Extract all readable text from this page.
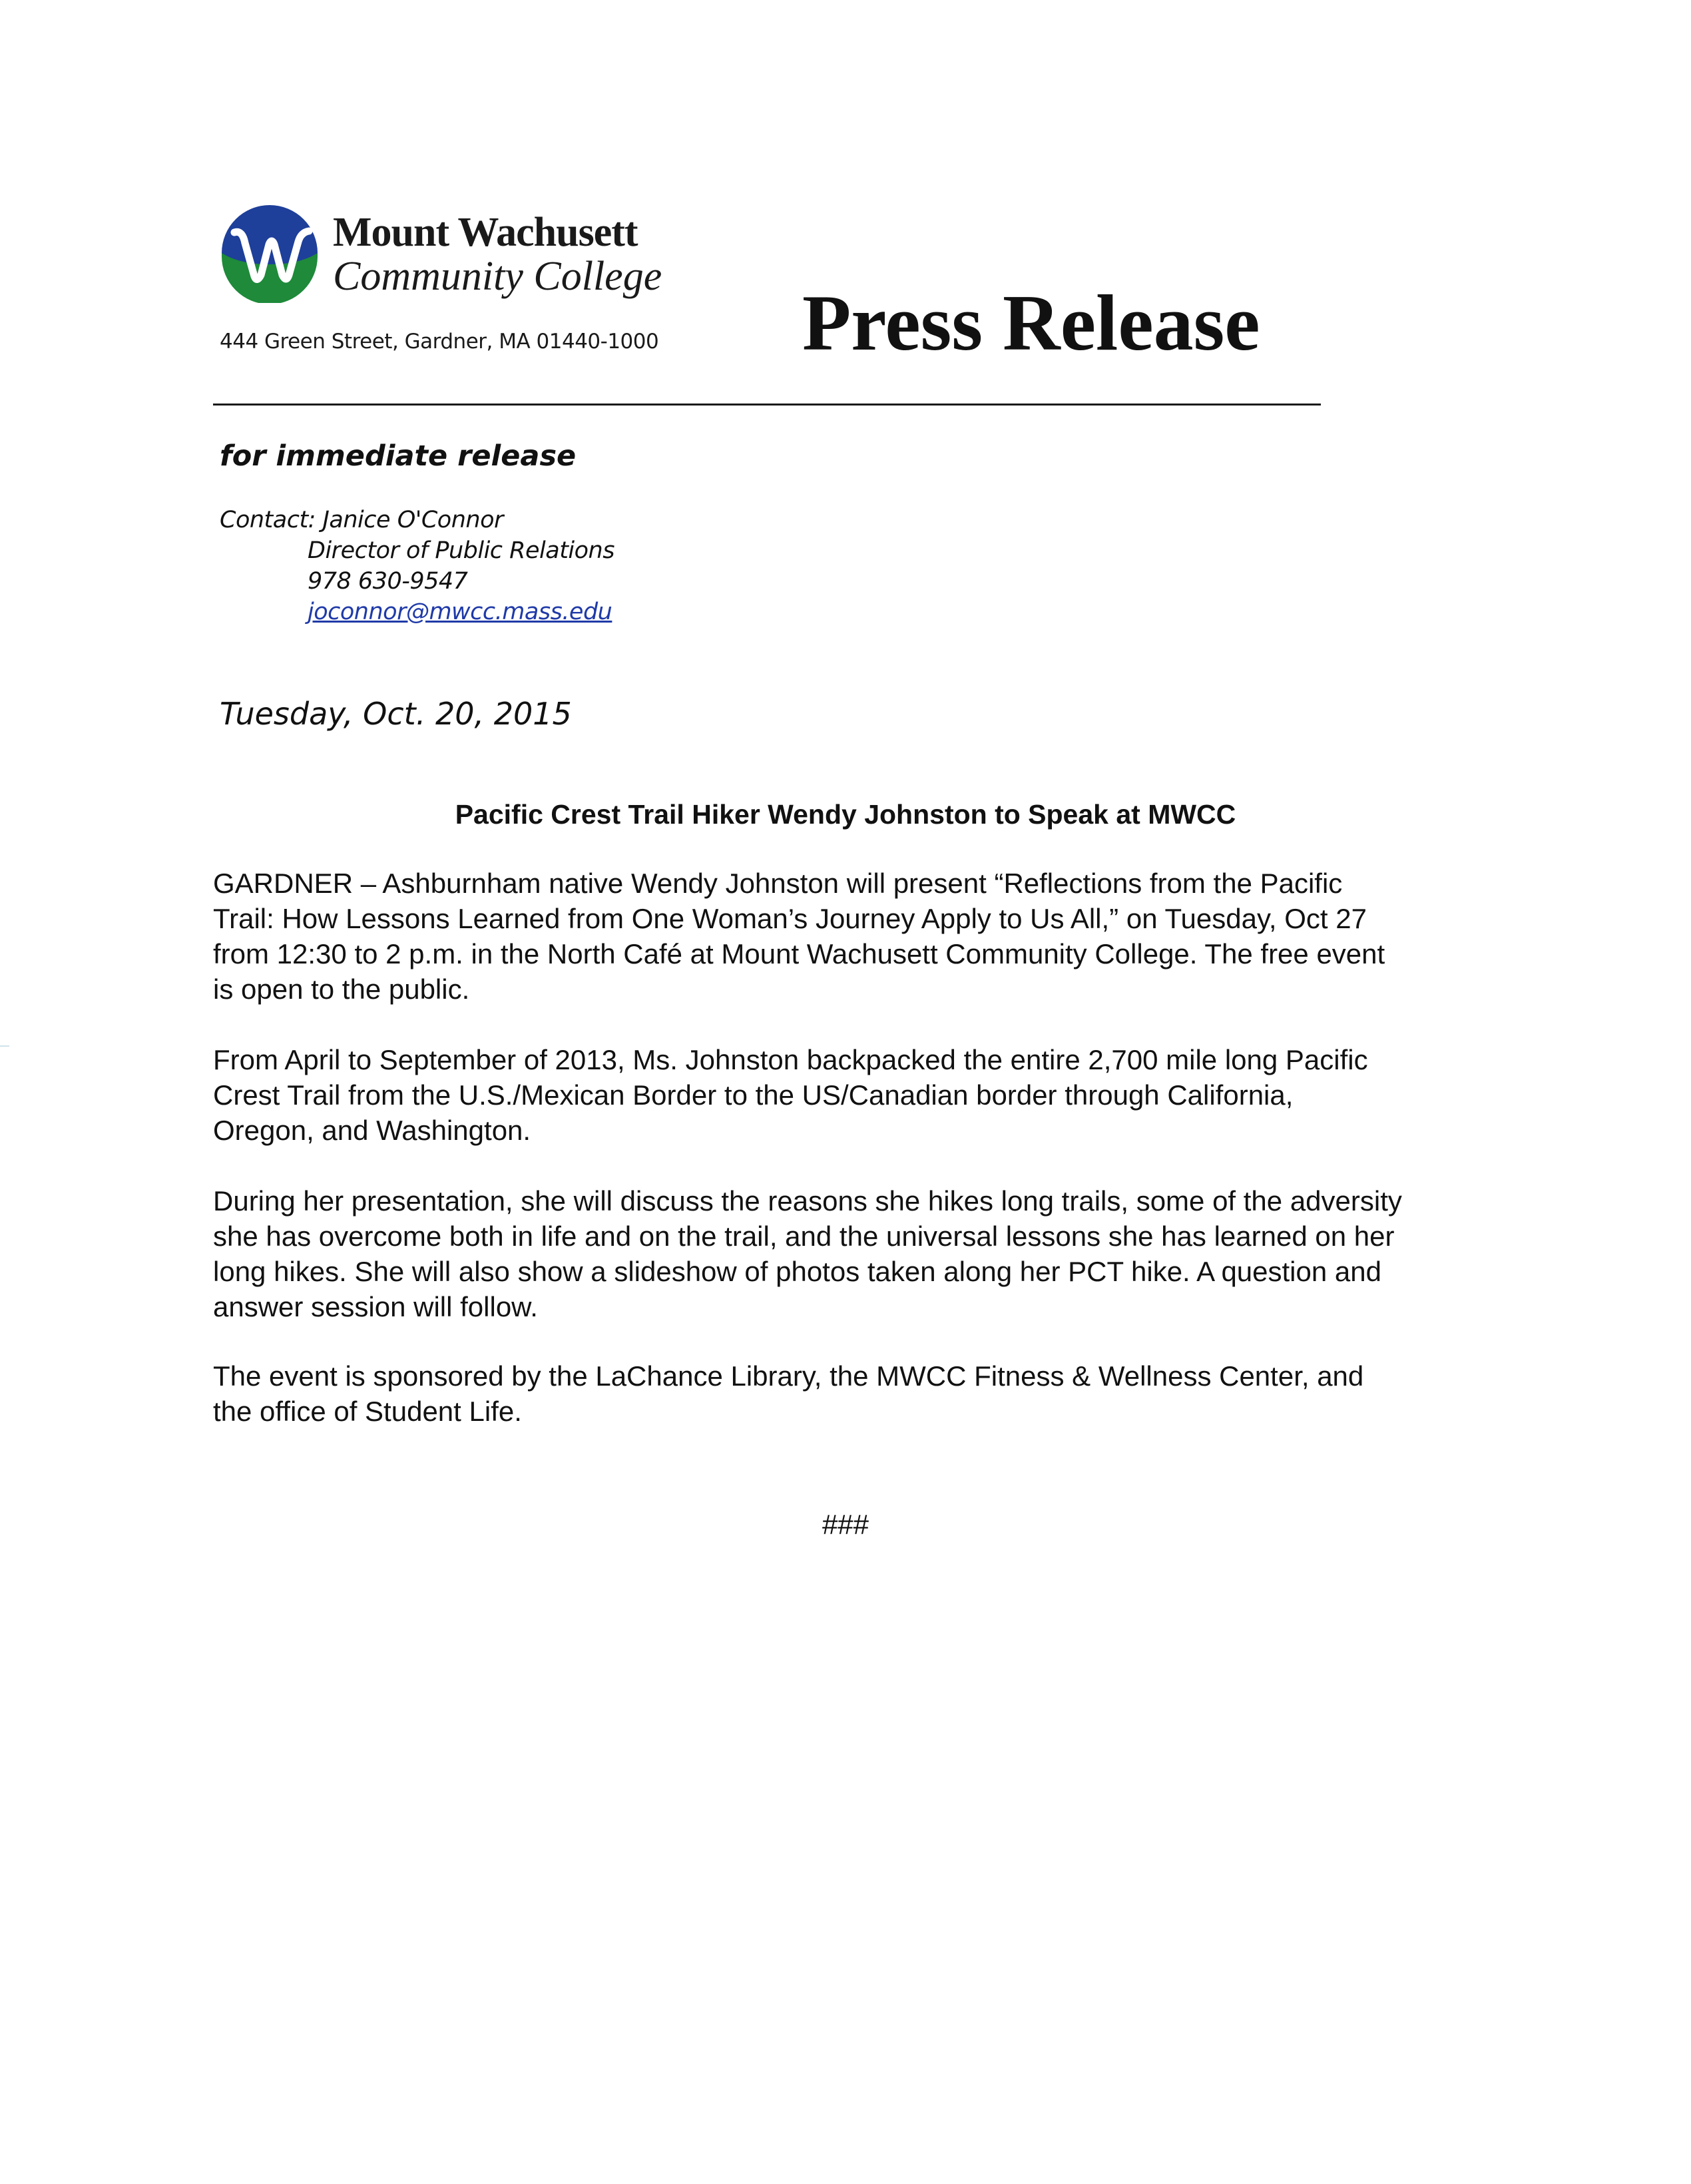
Mount Wachusett
Community College
444 Green Street, Gardner, MA 01440-1000 Press Release
for immediate release
Contact: Janice O'Connor
Director of Public Relations
978 630-9547
joconnor@mwcc.mass.edu
Tuesday, Oct. 20, 2015
Pacific Crest Trail Hiker Wendy Johnston to Speak at MWCC
GARDNER – Ashburnham native Wendy Johnston will present “Reflections from the Pacific
Trail: How Lessons Learned from One Woman’s Journey Apply to Us All,” on Tuesday, Oct 27
from 12:30 to 2 p.m. in the North Café at Mount Wachusett Community College. The free event
is open to the public.
From April to September of 2013, Ms. Johnston backpacked the entire 2,700 mile long Pacific
Crest Trail from the U.S./Mexican Border to the US/Canadian border through California,
Oregon, and Washington.
During her presentation, she will discuss the reasons she hikes long trails, some of the adversity
she has overcome both in life and on the trail, and the universal lessons she has learned on her
long hikes. She will also show a slideshow of photos taken along her PCT hike. A question and
answer session will follow.
The event is sponsored by the LaChance Library, the MWCC Fitness & Wellness Center, and
the office of Student Life.
###
